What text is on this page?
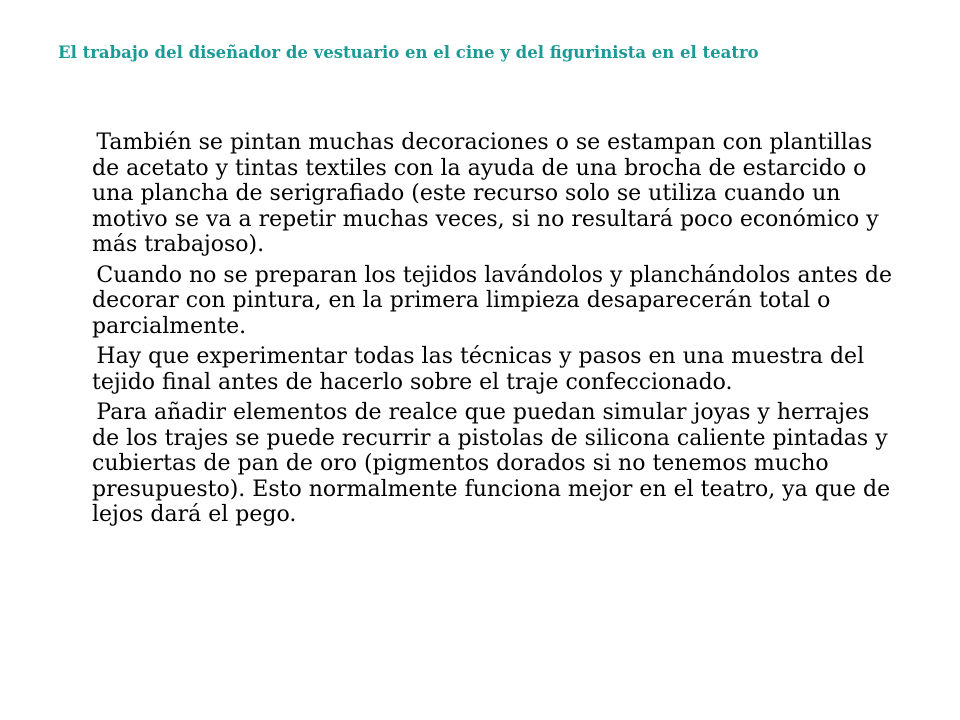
El trabajo del diseñador de vestuario en el cine y del figurinista en el teatro

También se pintan muchas decoraciones o se estampan con plantillas de acetato y tintas textiles con la ayuda de una brocha de estarcido o una plancha de serigrafiado (este recurso solo se utiliza cuando un motivo se va a repetir muchas veces, si no resultará poco económico y más trabajoso).

Cuando no se preparan los tejidos lavándolos y planchándolos antes de decorar con pintura, en la primera limpieza desaparecerán total o parcialmente.

Hay que experimentar todas las técnicas y pasos en una muestra del tejido final antes de hacerlo sobre el traje confeccionado.

Para añadir elementos de realce que puedan simular joyas y herrajes de los trajes se puede recurrir a pistolas de silicona caliente pintadas y cubiertas de pan de oro (pigmentos dorados si no tenemos mucho presupuesto). Esto normalmente funciona mejor en el teatro, ya que de lejos dará el pego.
